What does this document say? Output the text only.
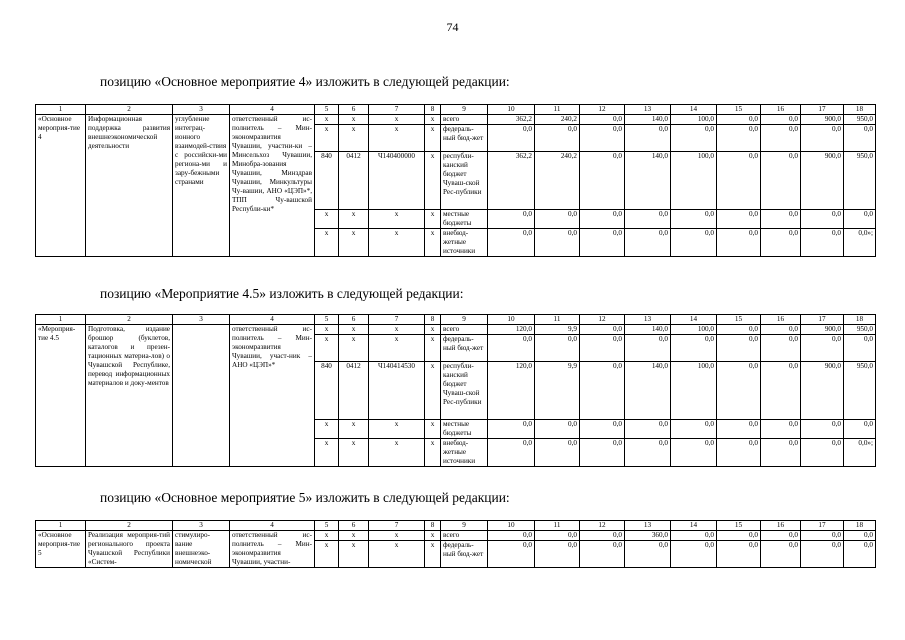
74
позицию «Основное мероприятие 4» изложить в следующей редакции:
1	2	3	4	5	6	7	8	9	10	11	12	13	14	15	16	17	18
«Основное мероприя-тие 4	Информационная поддержка развития внешнеэкономической деятельности	углубление интеграц-ионного взаимодей-ствия с российски-ми региона-ми и зару-бежными странами	ответственный ис-полнитель – Мин-экономразвития Чувашии, участни-ки – Минсельхоз Чувашии, Минобра-зования Чувашии, Минздрав Чувашии, Минкультуры Чу-вашии, АНО «ЦЭП»*, ТПП Чу-вашской Республи-ки*	x	x	x	x	всего	362,2	240,2	0,0	140,0	100,0	0,0	0,0	900,0	950,0
				x	x	x	x	федераль-ный бюд-жет	0,0	0,0	0,0	0,0	0,0	0,0	0,0	0,0	0,0
				840	0412	Ч140400000	x	республи-канский бюджет Чуваш-ской Рес-публики	362,2	240,2	0,0	140,0	100,0	0,0	0,0	900,0	950,0
				x	x	x	x	местные бюджеты	0,0	0,0	0,0	0,0	0,0	0,0	0,0	0,0	0,0
				x	x	x	x	внебюд-жетные источники	0,0	0,0	0,0	0,0	0,0	0,0	0,0	0,0	0,0»;
позицию «Мероприятие 4.5» изложить в следующей редакции:
1	2	3	4	5	6	7	8	9	10	11	12	13	14	15	16	17	18
«Мероприя-тие 4.5	Подготовка, издание брошюр (буклетов, каталогов и презен-тационных материа-лов) о Чувашской Республике, перевод информационных материалов и доку-ментов		ответственный ис-полнитель – Мин-экономразвития Чувашии, участ-ник – АНО «ЦЭП»*	x	x	x	x	всего	120,0	9,9	0,0	140,0	100,0	0,0	0,0	900,0	950,0
				x	x	x	x	федераль-ный бюд-жет	0,0	0,0	0,0	0,0	0,0	0,0	0,0	0,0	0,0
				840	0412	Ч140414530	x	республи-канский бюджет Чуваш-ской Рес-публики	120,0	9,9	0,0	140,0	100,0	0,0	0,0	900,0	950,0
				x	x	x	x	местные бюджеты	0,0	0,0	0,0	0,0	0,0	0,0	0,0	0,0	0,0
				x	x	x	x	внебюд-жетные источники	0,0	0,0	0,0	0,0	0,0	0,0	0,0	0,0	0,0»;
позицию «Основное мероприятие 5» изложить в следующей редакции:
1	2	3	4	5	6	7	8	9	10	11	12	13	14	15	16	17	18
«Основное мероприя-тие 5	Реализация мероприя-тий регионального проекта Чувашской Республики «Систем-	стимулиро-вание внешнеэко-номической	ответственный ис-полнитель – Мин-экономразвития Чувашии, участни-	x	x	x	x	всего	0,0	0,0	0,0	360,0	0,0	0,0	0,0	0,0	0,0
				x	x	x	x	федераль-ный бюд-жет	0,0	0,0	0,0	0,0	0,0	0,0	0,0	0,0	0,0
